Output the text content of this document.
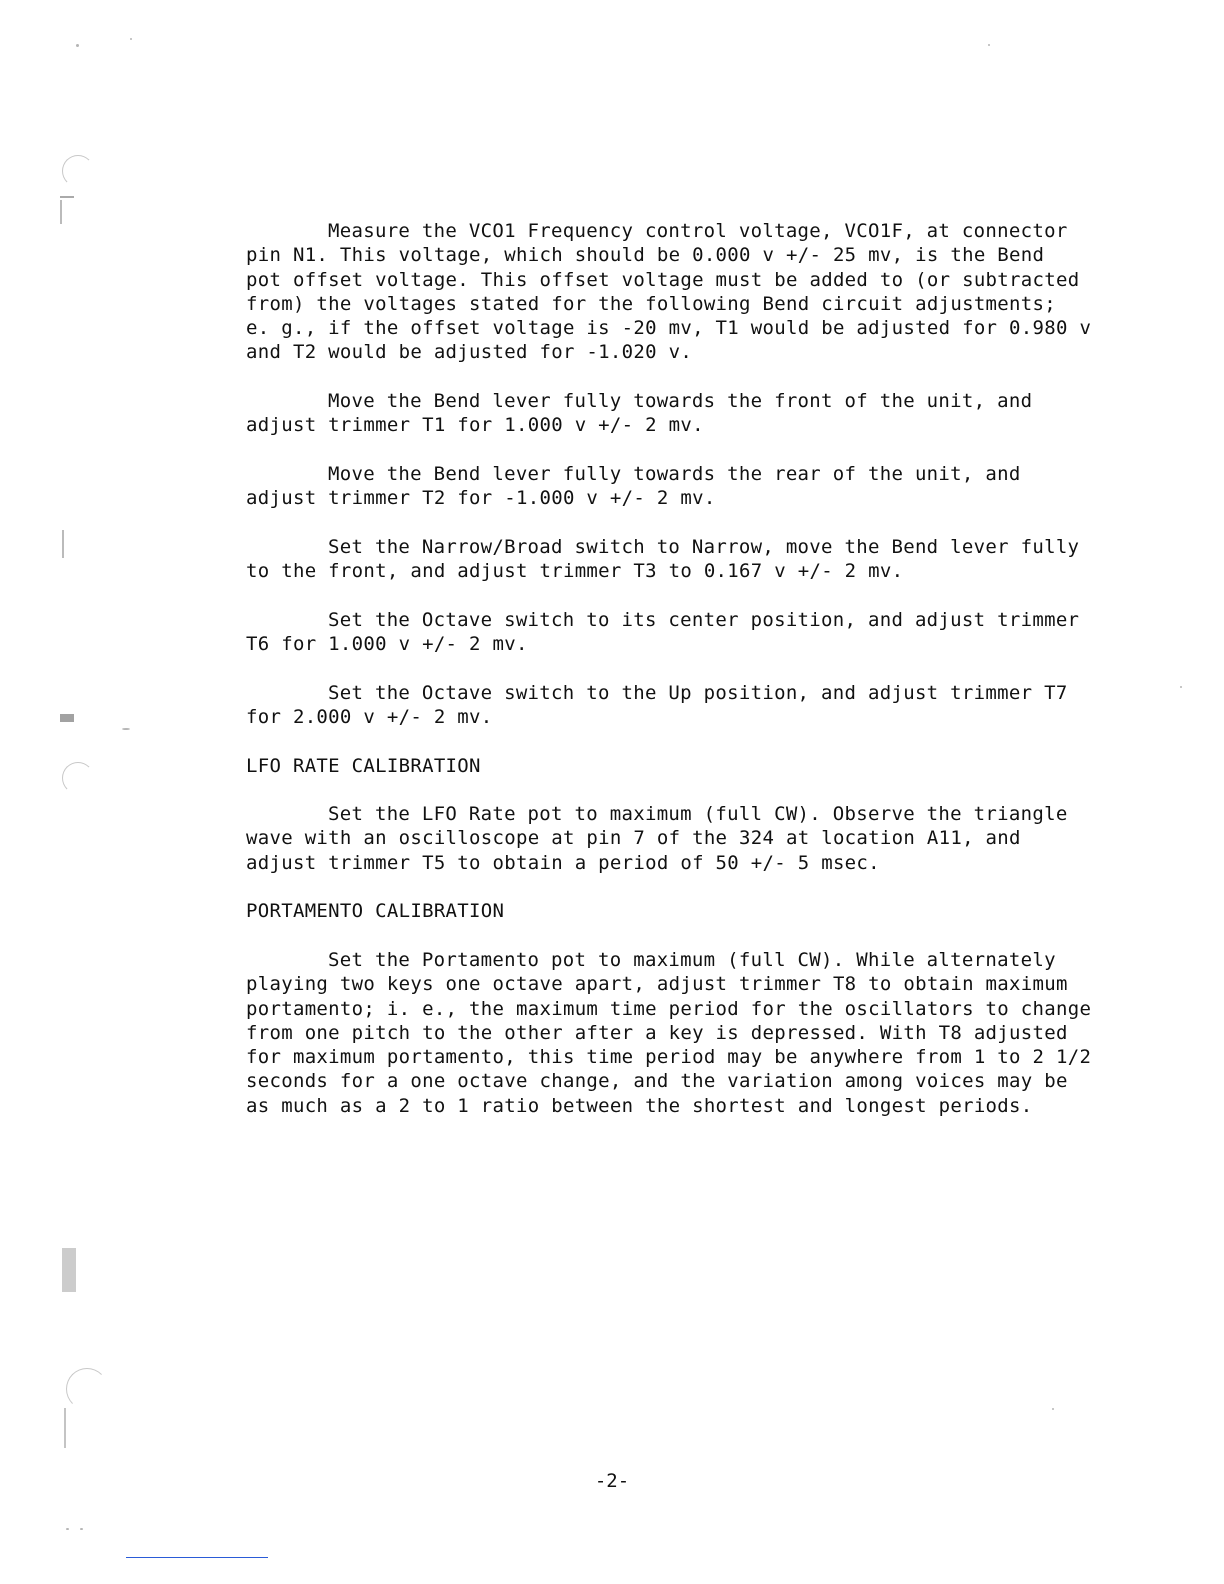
Measure the VCO1 Frequency control voltage, VCO1F, at connector
pin N1. This voltage, which should be 0.000 v +/- 25 mv, is the Bend
pot offset voltage. This offset voltage must be added to (or subtracted
from) the voltages stated for the following Bend circuit adjustments;
e. g., if the offset voltage is -20 mv, T1 would be adjusted for 0.980 v
and T2 would be adjusted for -1.020 v.

Move the Bend lever fully towards the front of the unit, and
adjust trimmer T1 for 1.000 v +/- 2 mv.

Move the Bend lever fully towards the rear of the unit, and
adjust trimmer T2 for -1.000 v +/- 2 mv.

Set the Narrow/Broad switch to Narrow, move the Bend lever fully
to the front, and adjust trimmer T3 to 0.167 v +/- 2 mv.

Set the Octave switch to its center position, and adjust trimmer
T6 for 1.000 v +/- 2 mv.

Set the Octave switch to the Up position, and adjust trimmer T7
for 2.000 v +/- 2 mv.

LFO RATE CALIBRATION

Set the LFO Rate pot to maximum (full CW). Observe the triangle
wave with an oscilloscope at pin 7 of the 324 at location A11, and
adjust trimmer T5 to obtain a period of 50 +/- 5 msec.

PORTAMENTO CALIBRATION

Set the Portamento pot to maximum (full CW). While alternately
playing two keys one octave apart, adjust trimmer T8 to obtain maximum
portamento; i. e., the maximum time period for the oscillators to change
from one pitch to the other after a key is depressed. With T8 adjusted
for maximum portamento, this time period may be anywhere from 1 to 2 1/2
seconds for a one octave change, and the variation among voices may be
as much as a 2 to 1 ratio between the shortest and longest periods.

-2-
